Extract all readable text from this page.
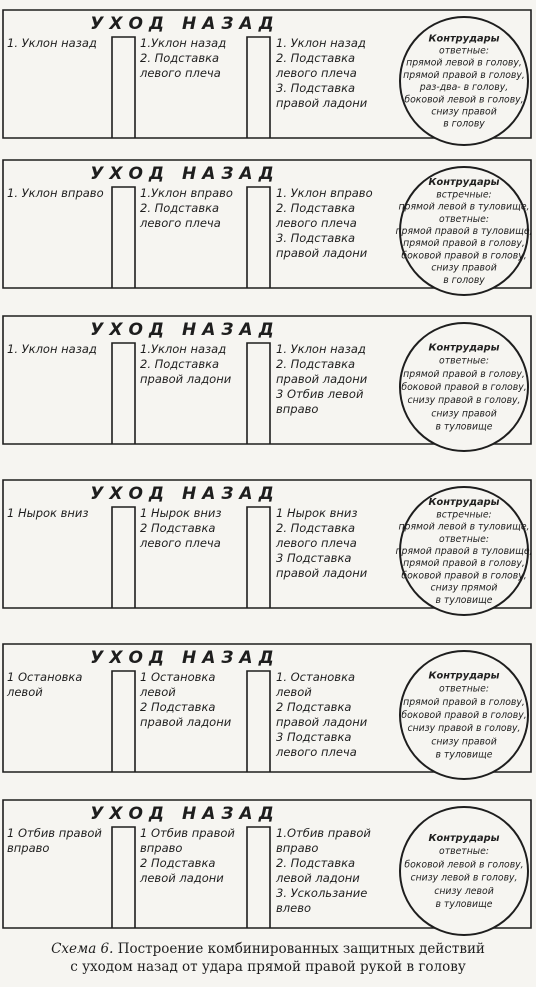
УХОД НАЗАД
1. Уклон назад	1.Уклон назад
2. Подставка
левого плеча
1. Уклон назад
2. Подставка
левого плеча
3. Подставка
правой ладони
Контрудары
ответные:
прямой левой в голову,
прямой правой в голову,
раз-два- в голову,
боковой левой в голову,
снизу правой
в голову
УХОД НАЗАД
1. Уклон вправо	1.Уклон вправо
2. Подставка
левого плеча
1. Уклон вправо
2. Подставка
левого плеча
3. Подставка
правой ладони
Контрудары
встречные:
прямой левой в туловище,
ответные:
прямой правой в туловище,
прямой правой в голову,
боковой правой в голову,
снизу правой
в голову
УХОД НАЗАД
1. Уклон назад	1.Уклон назад
2. Подставка
правой ладони
1. Уклон назад
2. Подставка
правой ладони
3 Отбив левой
вправо
Контрудары
ответные:
прямой правой в голову,
боковой правой в голову,
снизу правой в голову,
снизу правой
в туловище
УХОД НАЗАД
1 Нырок вниз	1 Нырок вниз
2 Подставка
левого плеча
1 Нырок вниз
2. Подставка
левого плеча
3 Подставка
правой ладони
Контрудары
встречные:
прямой левой в туловище,
ответные:
прямой правой в туловище,
прямой правой в голову,
боковой правой в голову,
снизу прямой
в туловище
УХОД НАЗАД
1 Остановка
левой
1 Остановка
левой
2 Подставка
правой ладони
1. Остановка
левой
2 Подставка
правой ладони
3 Подставка
левого плеча
Контрудары
ответные:
прямой правой в голову,
боковой правой в голову,
снизу правой в голову,
снизу правой
в туловище
УХОД НАЗАД
1 Отбив правой
вправо
1 Отбив правой
вправо
2 Подставка
левой ладони
1.Отбив правой
вправо
2. Подставка
левой ладони
3. Ускользание
влево
Контрудары
ответные:
боковой левой в голову,
снизу левой в голову,
снизу левой
в туловище
Схема 6. Построение комбинированных защитных действий
с уходом назад от удара прямой правой рукой в голову
